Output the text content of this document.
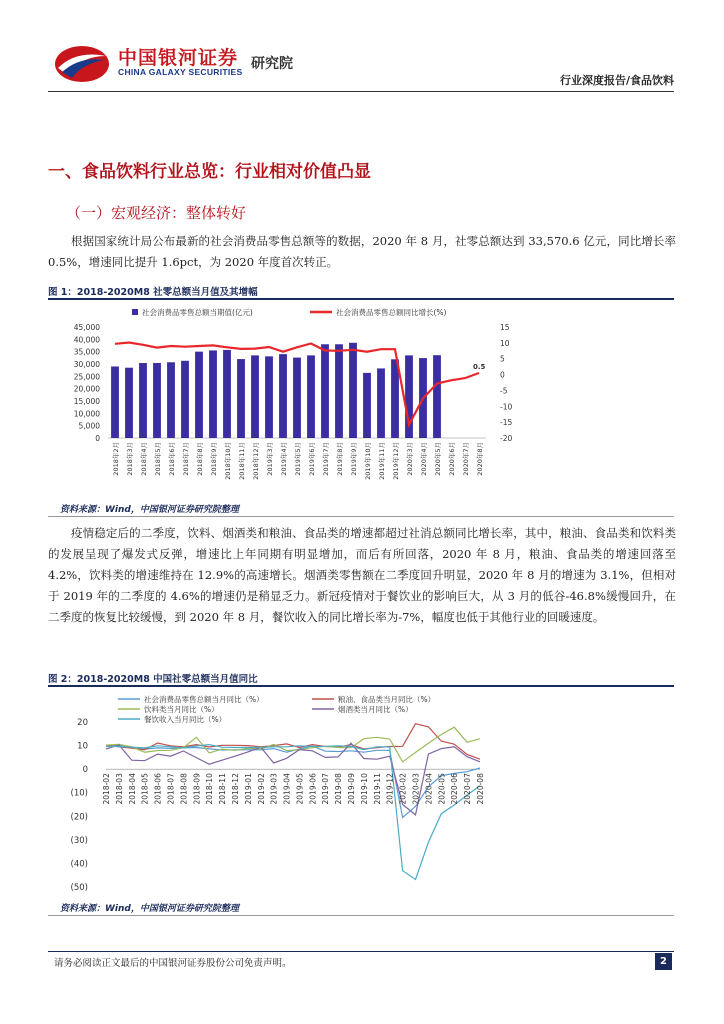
中国银河证券
CHINA GALAXY SECURITIES 研究院
行业深度报告/食品饮料
一、食品饮料行业总览：行业相对价值凸显
（一）宏观经济：整体转好

根据国家统计局公布最新的社会消费品零售总额等的数据，2020 年 8 月，社零总额达到 33,570.6 亿元，同比增长率 0.5%，增速同比提升 1.6pct，为 2020 年度首次转正。

图 1：2018-2020M8 社零总额当月值及其增幅
社会消费品零售总额当期值(亿元)	社会消费品零售总额同比增长(%)
45,000
40,000
35,000
30,000
25,000
20,000
15,000
10,000
5,000
0
15
10
5
0
-5
-10
-15
-20
0.5
2018年2月 2018年3月 2018年4月 2018年5月 2018年6月 2018年7月 2018年8月 2018年9月 2018年10月 2018年11月 2018年12月 2019年3月 2019年4月 2019年5月 2019年6月 2019年7月 2019年8月 2019年9月 2019年10月 2019年11月 2019年12月 2020年3月 2020年4月 2020年5月 2020年6月 2020年7月 2020年8月
资料来源：Wind，中国银河证券研究院整理

疫情稳定后的二季度，饮料、烟酒类和粮油、食品类的增速都超过社消总额同比增长率，其中，粮油、食品类和饮料类的发展呈现了爆发式反弹，增速比上年同期有明显增加，而后有所回落，2020 年 8 月，粮油、食品类的增速回落至 4.2%，饮料类的增速维持在 12.9%的高速增长。烟酒类零售额在二季度回升明显，2020 年 8 月的增速为 3.1%，但相对于 2019 年的二季度的 4.6%的增速仍是稍显乏力。新冠疫情对于餐饮业的影响巨大，从 3 月的低谷-46.8%缓慢回升，在二季度的恢复比较缓慢，到 2020 年 8 月，餐饮收入的同比增长率为-7%，幅度也低于其他行业的回暖速度。

图 2：2018-2020M8 中国社零总额当月值同比
社会消费品零售总额当月同比（%）	粮油、食品类当月同比（%）
饮料类当月同比（%）	烟酒类当月同比（%）
餐饮收入当月同比（%）
20
10
0
(10)
(20)
(30)
(40)
(50)
2018-02 2018-03 2018-04 2018-05 2018-06 2018-07 2018-08 2018-09 2018-10 2018-11 2018-12 2019-01 2019-02 2019-03 2019-04 2019-05 2019-06 2019-07 2019-08 2019-09 2019-10 2019-11 2019-12 2020-02 2020-03 2020-04 2020-05 2020-06 2020-07 2020-08
资料来源：Wind，中国银河证券研究院整理
请务必阅读正文最后的中国银河证券股份公司免责声明。	2
